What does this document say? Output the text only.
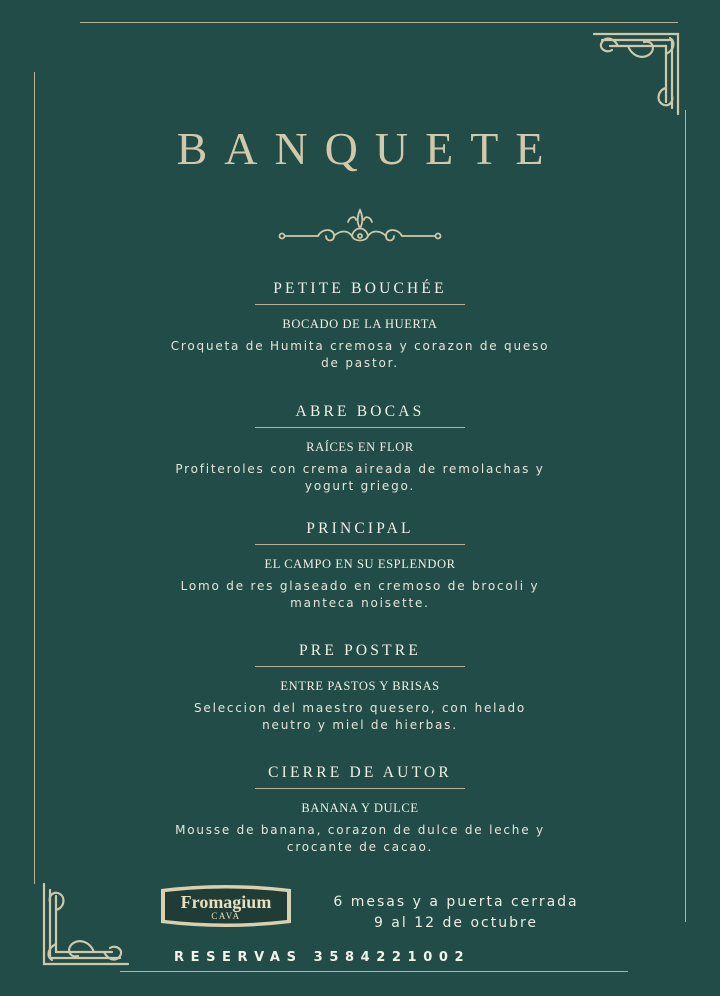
BANQUETE
PETITE BOUCHÉE
BOCADO DE LA HUERTA
Croqueta de Humita cremosa y corazon de queso de pastor.
ABRE BOCAS
RAÍCES EN FLOR
Profiteroles con crema aireada de remolachas y yogurt griego.
PRINCIPAL
EL CAMPO EN SU ESPLENDOR
Lomo de res glaseado en cremoso de brocoli y manteca noisette.
PRE POSTRE
ENTRE PASTOS Y BRISAS
Seleccion del maestro quesero, con helado neutro y miel de hierbas.
CIERRE DE AUTOR
BANANA Y DULCE
Mousse de banana, corazon de dulce de leche y crocante de cacao.
Fromagium
CAVA
6 mesas y a puerta cerrada
9 al 12 de octubre
RESERVAS 3584221002
